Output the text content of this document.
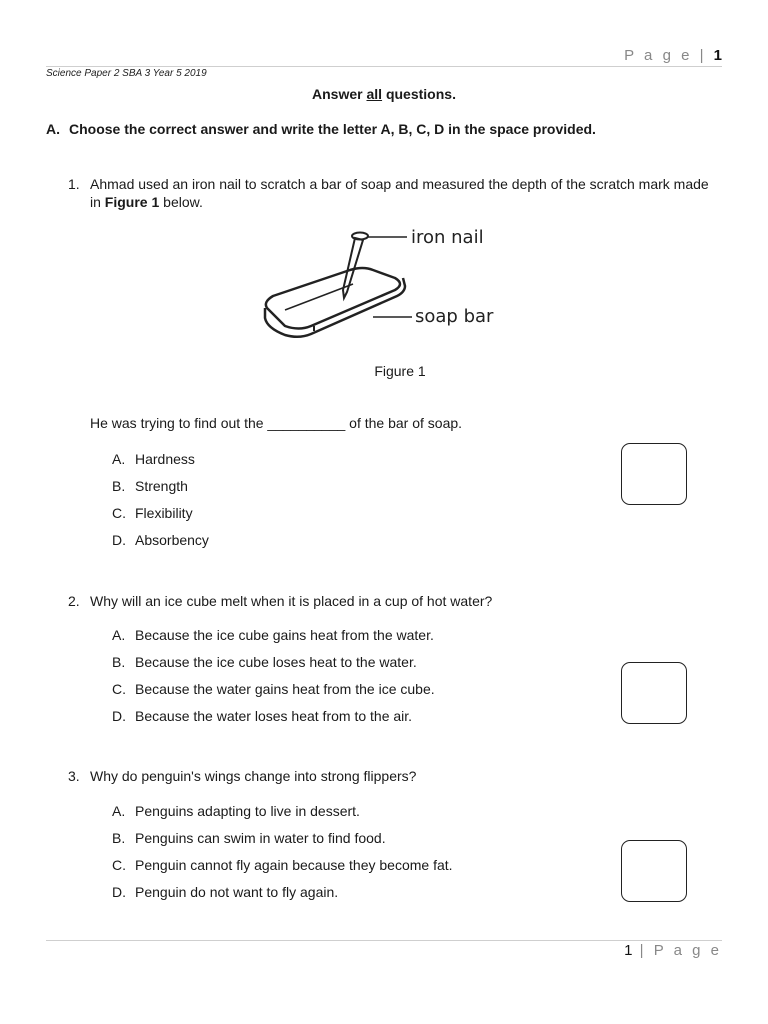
P a g e | 1
Science Paper 2 SBA 3 Year 5 2019
Answer all questions.
A. Choose the correct answer and write the letter A, B, C, D in the space provided.
1. Ahmad used an iron nail to scratch a bar of soap and measured the depth of the scratch mark made in Figure 1 below.
iron nail
soap bar
Figure 1
He was trying to find out the __________ of the bar of soap.
A. Hardness
B. Strength
C. Flexibility
D. Absorbency
2. Why will an ice cube melt when it is placed in a cup of hot water?
A. Because the ice cube gains heat from the water.
B. Because the ice cube loses heat to the water.
C. Because the water gains heat from the ice cube.
D. Because the water loses heat from to the air.
3. Why do penguin's wings change into strong flippers?
A. Penguins adapting to live in dessert.
B. Penguins can swim in water to find food.
C. Penguin cannot fly again because they become fat.
D. Penguin do not want to fly again.
1 | P a g e
